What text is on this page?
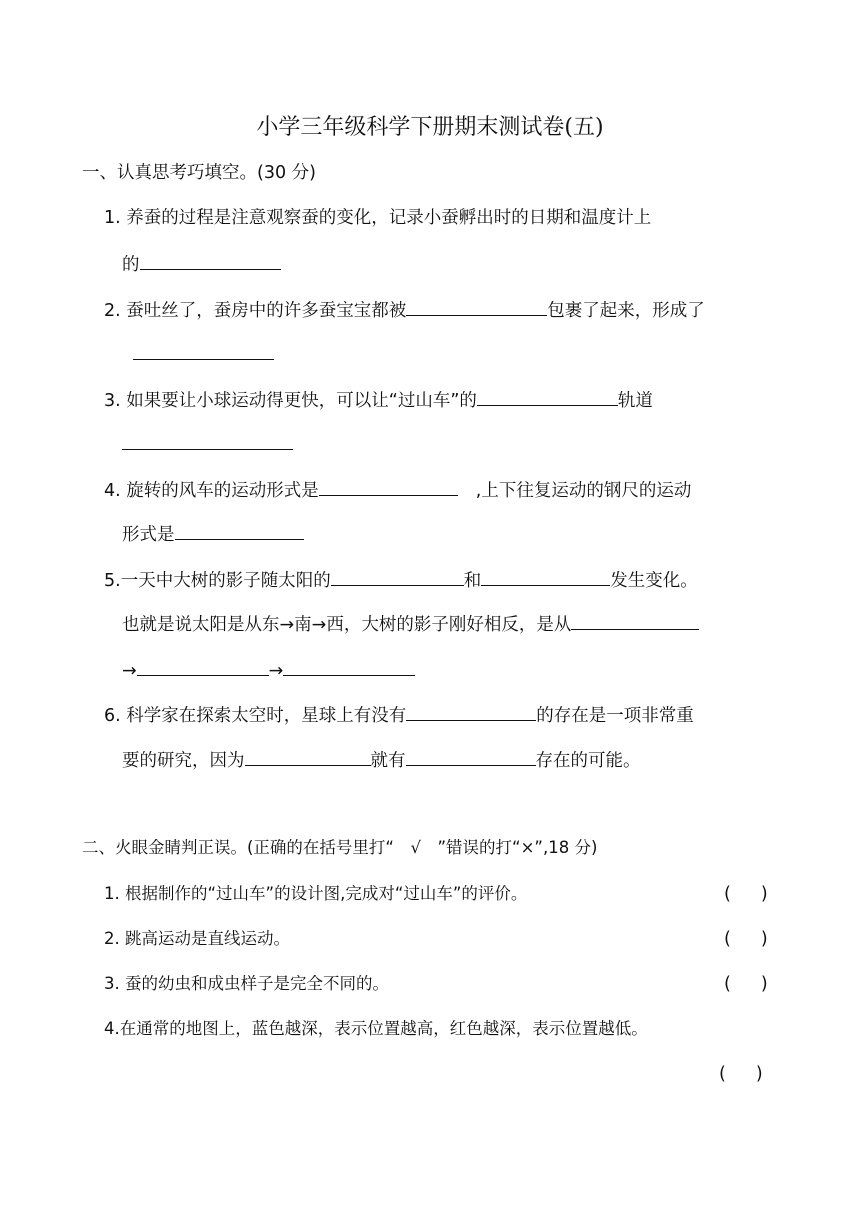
小学三年级科学下册期末测试卷(五)
一、认真思考巧填空。(30 分)
1. 养蚕的过程是注意观察蚕的变化，记录小蚕孵出时的日期和温度计上
的
2. 蚕吐丝了，蚕房中的许多蚕宝宝都被	包裹了起来，形成了
3. 如果要让小球运动得更快，可以让“过山车”的	轨道
4. 旋转的风车的运动形式是	,上下往复运动的钢尺的运动
形式是
5.一天中大树的影子随太阳的	和	发生变化。
也就是说太阳是从东→南→西，大树的影子刚好相反，是从
→	→
6. 科学家在探索太空时，星球上有没有	的存在是一项非常重
要的研究，因为	就有	存在的可能。
二、火眼金睛判正误。(正确的在括号里打“　√　”错误的打“×”,18 分)
1. 根据制作的“过山车”的设计图,完成对“过山车”的评价。	( )
2. 跳高运动是直线运动。	( )
3. 蚕的幼虫和成虫样子是完全不同的。	( )
4.在通常的地图上，蓝色越深，表示位置越高，红色越深，表示位置越低。
( )
